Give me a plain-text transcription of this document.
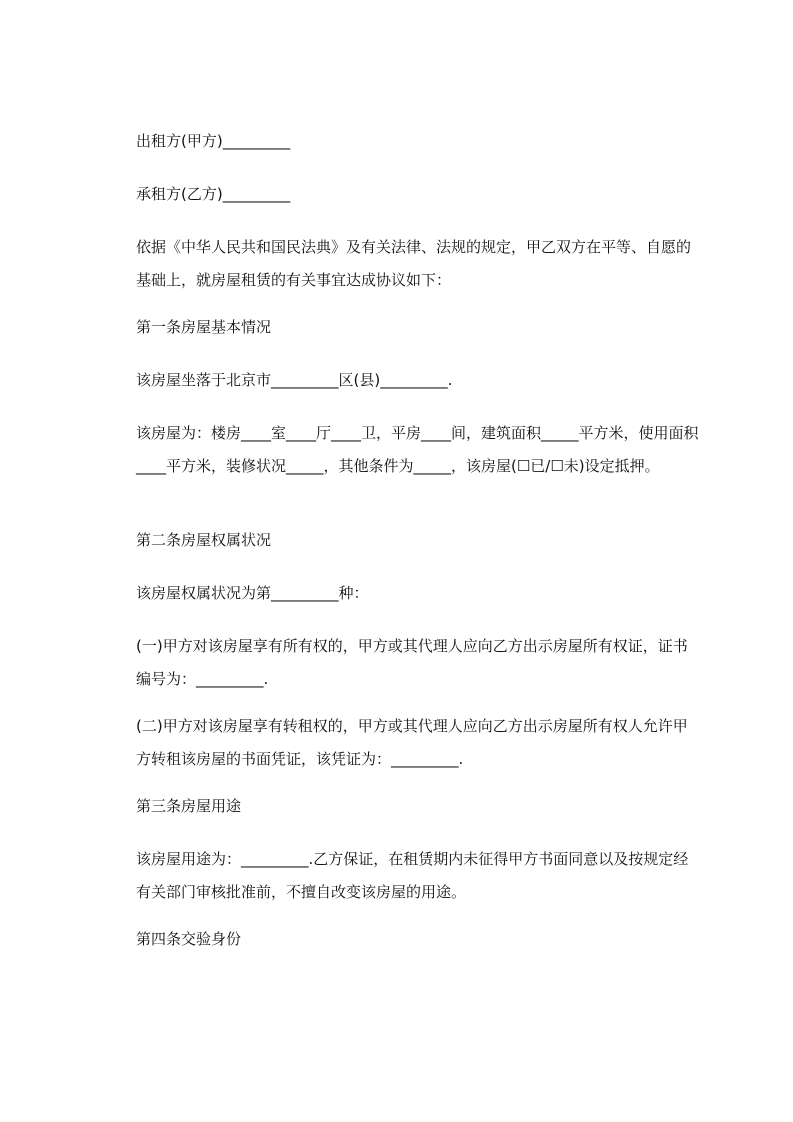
出租方(甲方)_________

承租方(乙方)_________

依据《中华人民共和国民法典》及有关法律、法规的规定，甲乙双方在平等、自愿的基础上，就房屋租赁的有关事宜达成协议如下：

第一条房屋基本情况

该房屋坐落于北京市_________区(县)_________.

该房屋为：楼房____室____厅____卫，平房____间，建筑面积_____平方米，使用面积____平方米，装修状况_____，其他条件为_____，该房屋(☐已/☐未)设定抵押。

第二条房屋权属状况

该房屋权属状况为第_________种：

(一)甲方对该房屋享有所有权的，甲方或其代理人应向乙方出示房屋所有权证，证书编号为：_________.

(二)甲方对该房屋享有转租权的，甲方或其代理人应向乙方出示房屋所有权人允许甲方转租该房屋的书面凭证，该凭证为：_________.

第三条房屋用途

该房屋用途为：_________.乙方保证，在租赁期内未征得甲方书面同意以及按规定经有关部门审核批准前，不擅自改变该房屋的用途。

第四条交验身份
